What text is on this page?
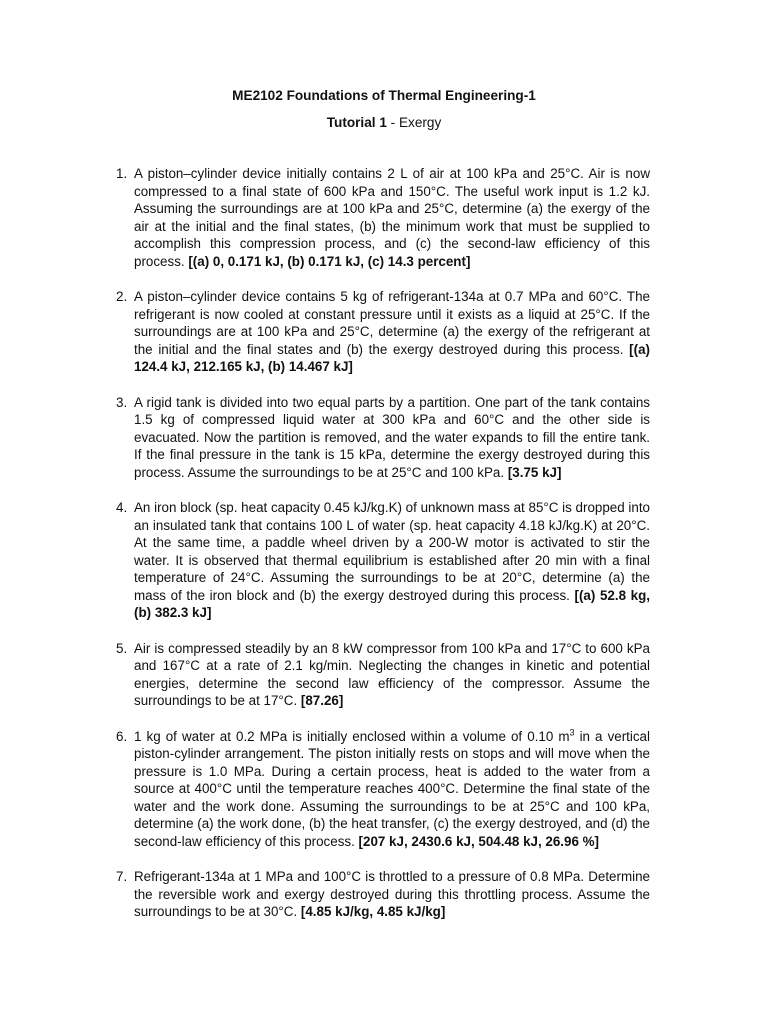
ME2102 Foundations of Thermal Engineering-1
Tutorial 1 - Exergy
1. A piston–cylinder device initially contains 2 L of air at 100 kPa and 25°C. Air is now compressed to a final state of 600 kPa and 150°C. The useful work input is 1.2 kJ. Assuming the surroundings are at 100 kPa and 25°C, determine (a) the exergy of the air at the initial and the final states, (b) the minimum work that must be supplied to accomplish this compression process, and (c) the second-law efficiency of this process. [(a) 0, 0.171 kJ, (b) 0.171 kJ, (c) 14.3 percent]
2. A piston–cylinder device contains 5 kg of refrigerant-134a at 0.7 MPa and 60°C. The refrigerant is now cooled at constant pressure until it exists as a liquid at 25°C. If the surroundings are at 100 kPa and 25°C, determine (a) the exergy of the refrigerant at the initial and the final states and (b) the exergy destroyed during this process. [(a) 124.4 kJ, 212.165 kJ, (b) 14.467 kJ]
3. A rigid tank is divided into two equal parts by a partition. One part of the tank contains 1.5 kg of compressed liquid water at 300 kPa and 60°C and the other side is evacuated. Now the partition is removed, and the water expands to fill the entire tank. If the final pressure in the tank is 15 kPa, determine the exergy destroyed during this process. Assume the surroundings to be at 25°C and 100 kPa. [3.75 kJ]
4. An iron block (sp. heat capacity 0.45 kJ/kg.K) of unknown mass at 85°C is dropped into an insulated tank that contains 100 L of water (sp. heat capacity 4.18 kJ/kg.K) at 20°C. At the same time, a paddle wheel driven by a 200-W motor is activated to stir the water. It is observed that thermal equilibrium is established after 20 min with a final temperature of 24°C. Assuming the surroundings to be at 20°C, determine (a) the mass of the iron block and (b) the exergy destroyed during this process. [(a) 52.8 kg, (b) 382.3 kJ]
5. Air is compressed steadily by an 8 kW compressor from 100 kPa and 17°C to 600 kPa and 167°C at a rate of 2.1 kg/min. Neglecting the changes in kinetic and potential energies, determine the second law efficiency of the compressor. Assume the surroundings to be at 17°C. [87.26]
6. 1 kg of water at 0.2 MPa is initially enclosed within a volume of 0.10 $m^3$ in a vertical piston-cylinder arrangement. The piston initially rests on stops and will move when the pressure is 1.0 MPa. During a certain process, heat is added to the water from a source at 400°C until the temperature reaches 400°C. Determine the final state of the water and the work done. Assuming the surroundings to be at 25°C and 100 kPa, determine (a) the work done, (b) the heat transfer, (c) the exergy destroyed, and (d) the second-law efficiency of this process. [207 kJ, 2430.6 kJ, 504.48 kJ, 26.96 %]
7. Refrigerant-134a at 1 MPa and 100°C is throttled to a pressure of 0.8 MPa. Determine the reversible work and exergy destroyed during this throttling process. Assume the surroundings to be at 30°C. [4.85 kJ/kg, 4.85 kJ/kg]
